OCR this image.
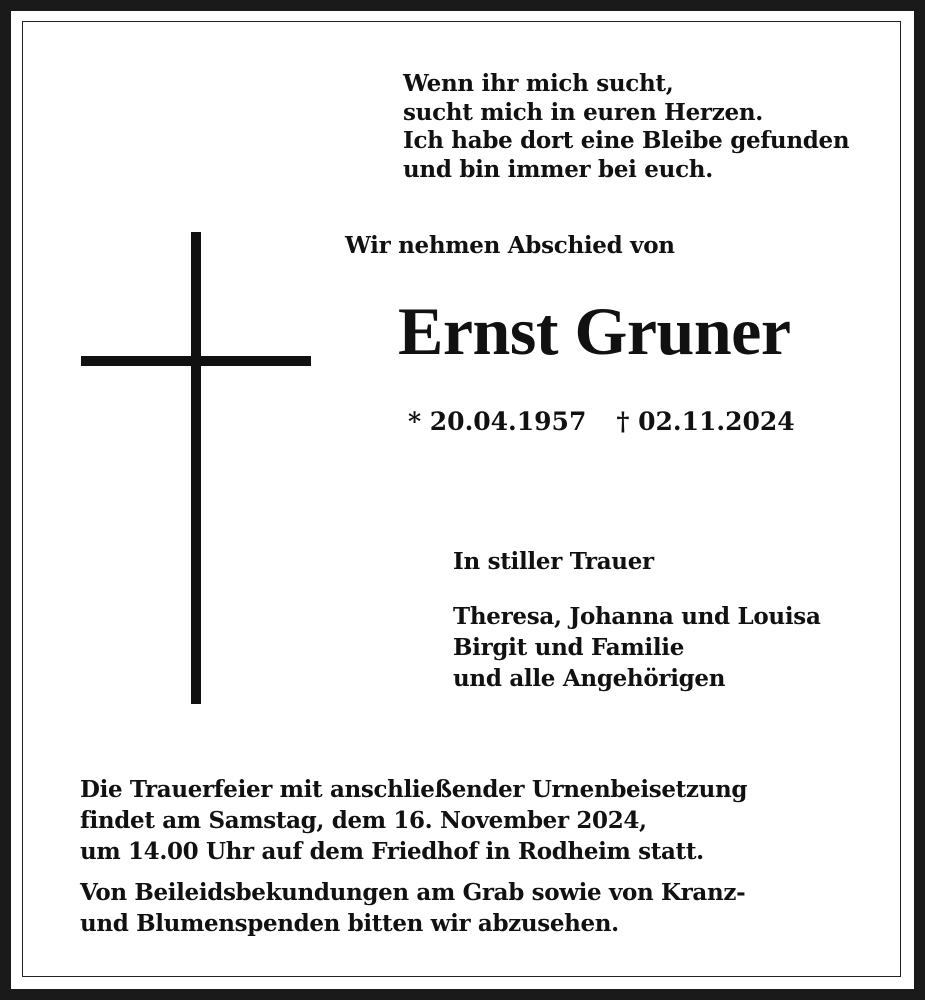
Wenn ihr mich sucht,
sucht mich in euren Herzen.
Ich habe dort eine Bleibe gefunden
und bin immer bei euch.
Wir nehmen Abschied von
Ernst Gruner
* 20.04.1957 † 02.11.2024
In stiller Trauer
Theresa, Johanna und Louisa
Birgit und Familie
und alle Angehörigen
Die Trauerfeier mit anschließender Urnenbeisetzung
findet am Samstag, dem 16. November 2024,
um 14.00 Uhr auf dem Friedhof in Rodheim statt.
Von Beileidsbekundungen am Grab sowie von Kranz-
und Blumenspenden bitten wir abzusehen.
